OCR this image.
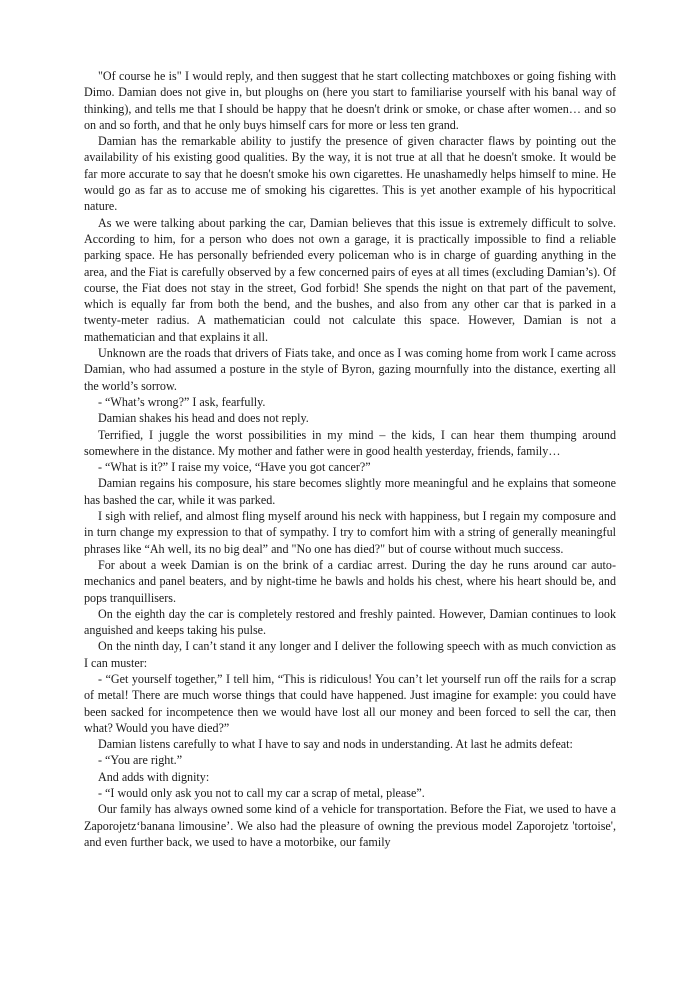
"Of course he is" I would reply, and then suggest that he start collecting matchboxes or going fishing with Dimo. Damian does not give in, but ploughs on (here you start to familiarise yourself with his banal way of thinking), and tells me that I should be happy that he doesn't drink or smoke, or chase after women… and so on and so forth, and that he only buys himself cars for more or less ten grand.

Damian has the remarkable ability to justify the presence of given character flaws by pointing out the availability of his existing good qualities. By the way, it is not true at all that he doesn't smoke. It would be far more accurate to say that he doesn't smoke his own cigarettes. He unashamedly helps himself to mine. He would go as far as to accuse me of smoking his cigarettes. This is yet another example of his hypocritical nature.

As we were talking about parking the car, Damian believes that this issue is extremely difficult to solve. According to him, for a person who does not own a garage, it is practically impossible to find a reliable parking space. He has personally befriended every policeman who is in charge of guarding anything in the area, and the Fiat is carefully observed by a few concerned pairs of eyes at all times (excluding Damian’s). Of course, the Fiat does not stay in the street, God forbid! She spends the night on that part of the pavement, which is equally far from both the bend, and the bushes, and also from any other car that is parked in a twenty-meter radius. A mathematician could not calculate this space. However, Damian is not a mathematician and that explains it all.

Unknown are the roads that drivers of Fiats take, and once as I was coming home from work I came across Damian, who had assumed a posture in the style of Byron, gazing mournfully into the distance, exerting all the world’s sorrow.

- “What’s wrong?” I ask, fearfully.

Damian shakes his head and does not reply.

Terrified, I juggle the worst possibilities in my mind – the kids, I can hear them thumping around somewhere in the distance. My mother and father were in good health yesterday, friends, family…

- “What is it?” I raise my voice, “Have you got cancer?”

Damian regains his composure, his stare becomes slightly more meaningful and he explains that someone has bashed the car, while it was parked.

I sigh with relief, and almost fling myself around his neck with happiness, but I regain my composure and in turn change my expression to that of sympathy. I try to comfort him with a string of generally meaningful phrases like “Ah well, its no big deal” and "No one has died?" but of course without much success.

For about a week Damian is on the brink of a cardiac arrest. During the day he runs around car auto-mechanics and panel beaters, and by night-time he bawls and holds his chest, where his heart should be, and pops tranquillisers.

On the eighth day the car is completely restored and freshly painted. However, Damian continues to look anguished and keeps taking his pulse.

On the ninth day, I can’t stand it any longer and I deliver the following speech with as much conviction as I can muster:

- “Get yourself together,” I tell him, “This is ridiculous! You can’t let yourself run off the rails for a scrap of metal! There are much worse things that could have happened. Just imagine for example: you could have been sacked for incompetence then we would have lost all our money and been forced to sell the car, then what? Would you have died?”

Damian listens carefully to what I have to say and nods in understanding. At last he admits defeat:

- “You are right.”

And adds with dignity:

- “I would only ask you not to call my car a scrap of metal, please”.

Our family has always owned some kind of a vehicle for transportation. Before the Fiat, we used to have a Zaporojetz‘banana limousine’. We also had the pleasure of owning the previous model Zaporojetz 'tortoise', and even further back, we used to have a motorbike, our family
